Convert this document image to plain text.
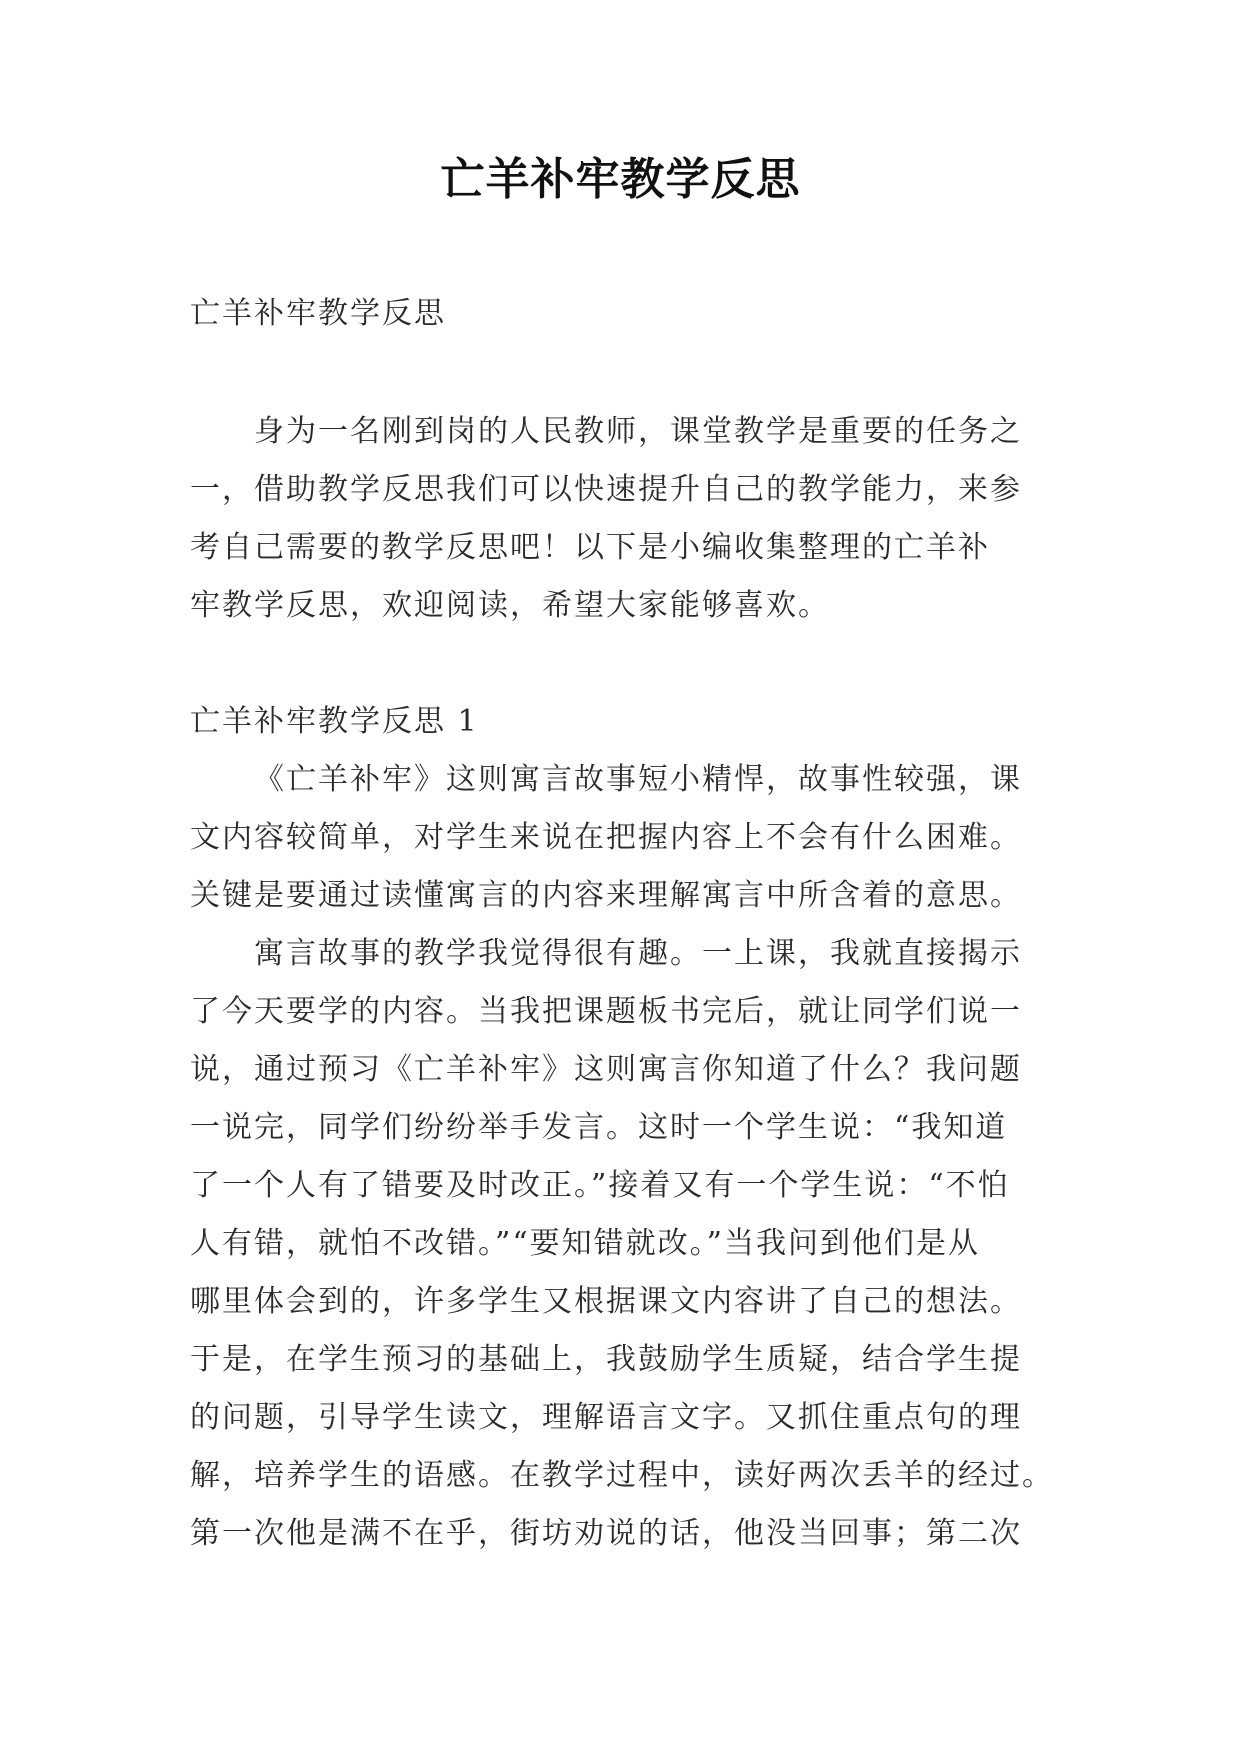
亡羊补牢教学反思
亡羊补牢教学反思
身为一名刚到岗的人民教师，课堂教学是重要的任务之
一，借助教学反思我们可以快速提升自己的教学能力，来参
考自己需要的教学反思吧！以下是小编收集整理的亡羊补
牢教学反思，欢迎阅读，希望大家能够喜欢。
亡羊补牢教学反思 1
《亡羊补牢》这则寓言故事短小精悍，故事性较强，课
文内容较简单，对学生来说在把握内容上不会有什么困难。
关键是要通过读懂寓言的内容来理解寓言中所含着的意思。
寓言故事的教学我觉得很有趣。一上课，我就直接揭示
了今天要学的内容。当我把课题板书完后，就让同学们说一
说，通过预习《亡羊补牢》这则寓言你知道了什么？我问题
一说完，同学们纷纷举手发言。这时一个学生说：“我知道
了一个人有了错要及时改正。”接着又有一个学生说：“不怕
人有错，就怕不改错。”“要知错就改。”当我问到他们是从
哪里体会到的，许多学生又根据课文内容讲了自己的想法。
于是，在学生预习的基础上，我鼓励学生质疑，结合学生提
的问题，引导学生读文，理解语言文字。又抓住重点句的理
解，培养学生的语感。在教学过程中，读好两次丢羊的经过。
第一次他是满不在乎，街坊劝说的话，他没当回事；第二次
